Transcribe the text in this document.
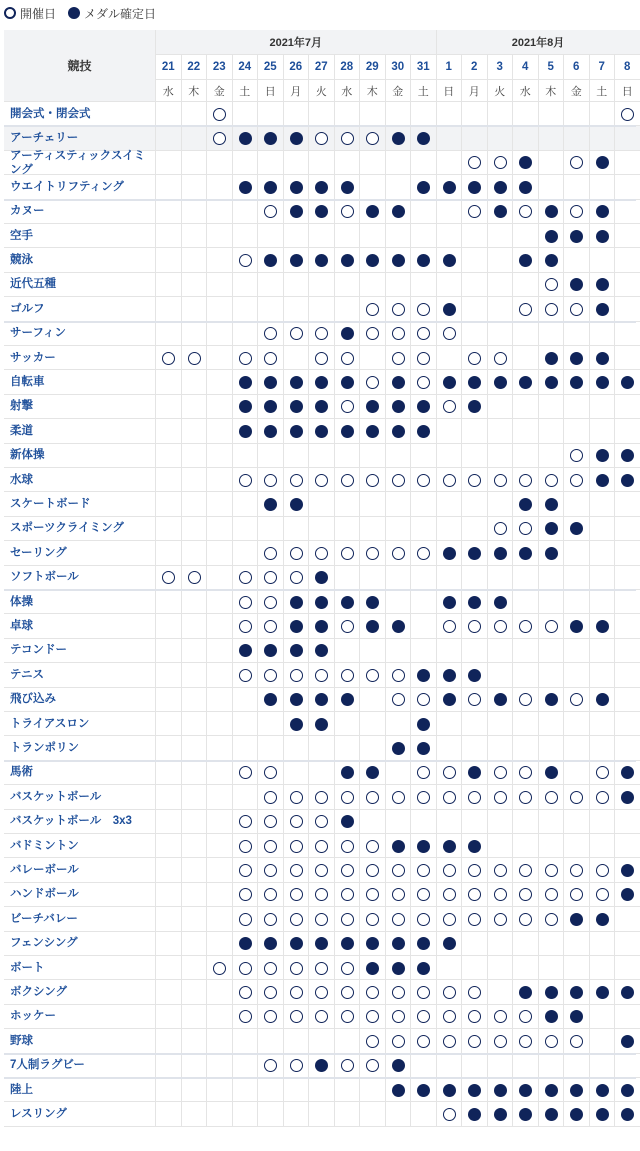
開催日 メダル確定日
競技
2021年7月	2021年8月
21
水
22
木
23
金
24
土
25
日
26
月
27
火
28
水
29
木
30
金
31
土
1
日
2
月
3
火
4
水
5
木
6
金
7
土
8
日
開会式・閉会式
アーチェリー
アーティスティックスイミング
ウエイトリフティング
カヌー
空手
競泳
近代五種
ゴルフ
サーフィン
サッカー
自転車
射撃
柔道
新体操
水球
スケートボード
スポーツクライミング
セーリング
ソフトボール
体操
卓球
テコンドー
テニス
飛び込み
トライアスロン
トランポリン
馬術
バスケットボール
バスケットボール　3x3
バドミントン
バレーボール
ハンドボール
ビーチバレー
フェンシング
ボート
ボクシング
ホッケー
野球
7人制ラグビー
陸上
レスリング
